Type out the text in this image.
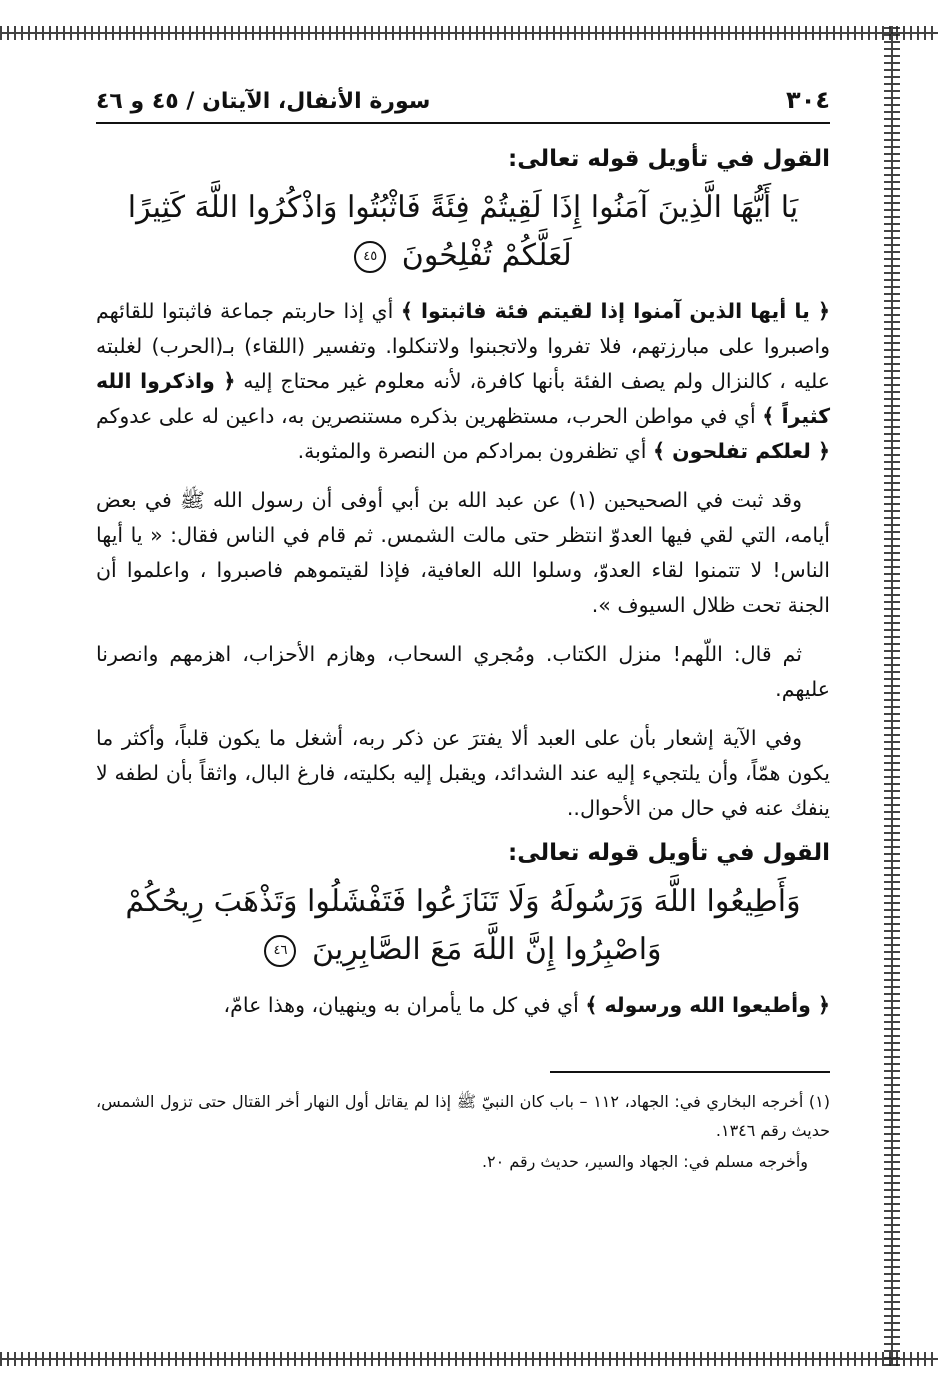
٣٠٤
سورة الأنفال، الآيتان / ٤٥ و ٤٦
القول في تأويل قوله تعالى:
يَا أَيُّهَا الَّذِينَ آمَنُوا إِذَا لَقِيتُمْ فِئَةً فَاثْبُتُوا وَاذْكُرُوا اللَّهَ كَثِيرًا لَعَلَّكُمْ تُفْلِحُونَ ٤٥

﴿ يا أيها الذين آمنوا إذا لقيتم فئة فاثبتوا ﴾ أي إذا حاربتم جماعة فاثبتوا للقائهم واصبروا على مبارزتهم، فلا تفروا ولاتجبنوا ولاتنكلوا. وتفسير (اللقاء) بـ(الحرب) لغلبته عليه ، كالنزال ولم يصف الفئة بأنها كافرة، لأنه معلوم غير محتاج إليه ﴿ واذكروا الله كثيراً ﴾ أي في مواطن الحرب، مستظهرين بذكره مستنصرين به، داعين له على عدوكم ﴿ لعلكم تفلحون ﴾ أي تظفرون بمرادكم من النصرة والمثوبة.

وقد ثبت في الصحيحين (١) عن عبد الله بن أبي أوفى أن رسول الله ﷺ في بعض أيامه، التي لقي فيها العدوّ انتظر حتى مالت الشمس. ثم قام في الناس فقال: « يا أيها الناس! لا تتمنوا لقاء العدوّ، وسلوا الله العافية، فإذا لقيتموهم فاصبروا ، واعلموا أن الجنة تحت ظلال السيوف ».

ثم قال: اللّهم! منزل الكتاب. ومُجري السحاب، وهازم الأحزاب، اهزمهم وانصرنا عليهم.

وفي الآية إشعار بأن على العبد ألا يفترَ عن ذكر ربه، أشغل ما يكون قلباً، وأكثر ما يكون همّاً، وأن يلتجيء إليه عند الشدائد، ويقبل إليه بكليته، فارغ البال، واثقاً بأن لطفه لا ينفك عنه في حال من الأحوال..

القول في تأويل قوله تعالى:
وَأَطِيعُوا اللَّهَ وَرَسُولَهُ وَلَا تَنَازَعُوا فَتَفْشَلُوا وَتَذْهَبَ رِيحُكُمْ وَاصْبِرُوا إِنَّ اللَّهَ مَعَ الصَّابِرِينَ ٤٦

﴿ وأطيعوا الله ورسوله ﴾ أي في كل ما يأمران به وينهيان، وهذا عامّ،

(١) أخرجه البخاري في: الجهاد، ١١٢ – باب كان النبيّ ﷺ إذا لم يقاتل أول النهار أخر القتال حتى تزول الشمس، حديث رقم ١٣٤٦.

وأخرجه مسلم في: الجهاد والسير، حديث رقم ٢٠.
